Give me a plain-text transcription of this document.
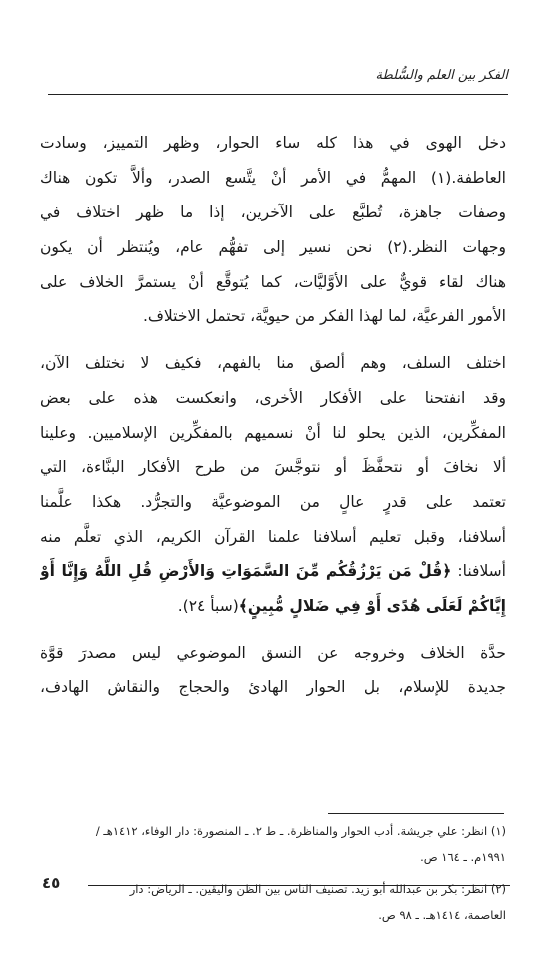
الفكر بين العلم والسُّلطة
دخل الهوى في هذا كله ساء الحوار، وظهر التمييز، وسادت
العاطفة.(١) المهمُّ في الأمر أنْ يتَّسع الصدر، وألاَّ تكون هناك
وصفات جاهزة، تُطبَّع على الآخرين، إذا ما ظهر اختلاف في
وجهات النظر.(٢) نحن نسير إلى تفهُّم عام، ويُنتظر أن يكون
هناك لقاء قويٌّ على الأوَّليَّات، كما يُتوقَّع أنْ يستمرَّ الخلاف على
الأمور الفرعيَّة، لما لهذا الفكر من حيويَّة، تحتمل الاختلاف.
اختلف السلف، وهم ألصق منا بالفهم، فكيف لا نختلف الآن،
وقد انفتحنا على الأفكار الأخرى، وانعكست هذه على بعض
المفكِّرين، الذين يحلو لنا أنْ نسميهم بالمفكِّرين الإسلاميين. وعلينا
ألا نخافَ أو نتحفَّظَ أو نتوجَّسَ من طرح الأفكار البنَّاءة، التي
تعتمد على قدرٍ عالٍ من الموضوعيَّة والتجرُّد. هكذا علَّمنا
أسلافنا، وقبل تعليم أسلافنا علمنا القرآن الكريم، الذي تعلَّم منه
أسلافنا: ﴿قُلْ مَن يَرْزُقُكُم مِّنَ السَّمَوَاتِ وَالأَرْضِ قُلِ اللَّهُ وَإِنَّا أَوْ
إِيَّاكُمْ لَعَلَى هُدًى أَوْ فِي ضَلالٍ مُّبِينٍ﴾(سبأ ٢٤).
حدَّة الخلاف وخروجه عن النسق الموضوعي ليس مصدرَ قوَّة
جديدة للإسلام، بل الحوار الهادئ والحجاج والنقاش الهادف،
(١) انظر: علي جريشة. أدب الحوار والمناظرة. ـ ط ٢. ـ المنصورة: دار الوفاء، ١٤١٢هـ /
١٩٩١م. ـ ١٦٤ ص.
(٢) انظر: بكر بن عبدالله أبو زيد. تصنيف الناس بين الظن واليقين. ـ الرياض: دار
العاصمة، ١٤١٤هـ. ـ ٩٨ ص.
٤٥
